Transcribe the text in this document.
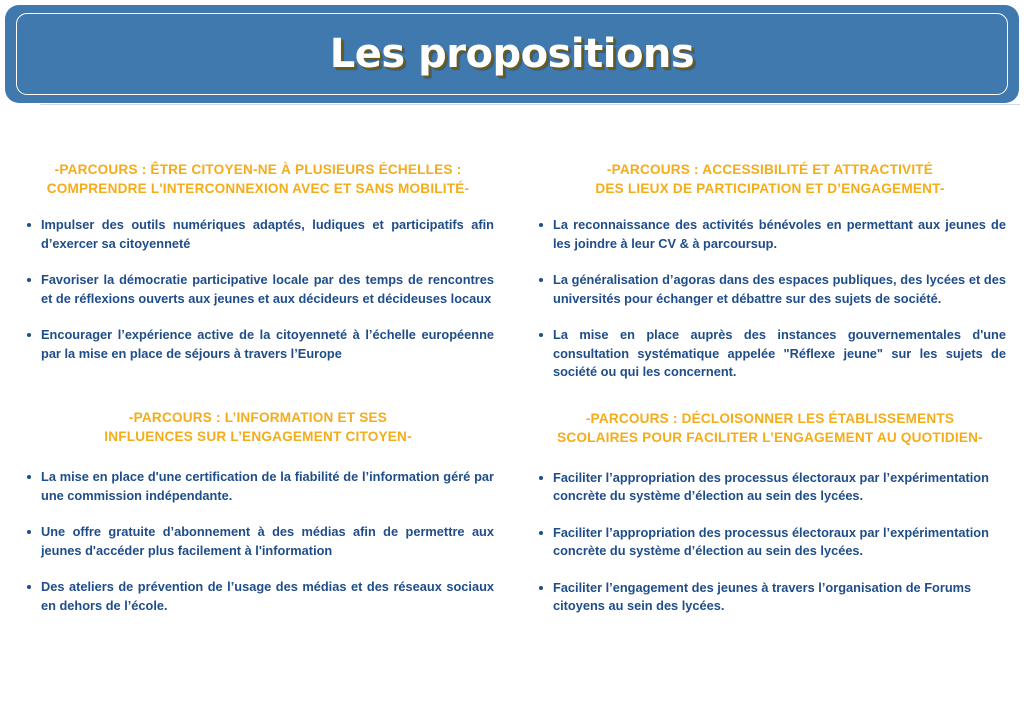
Les propositions
-PARCOURS : ÊTRE CITOYEN-NE À PLUSIEURS ÉCHELLES :
COMPRENDRE L'INTERCONNEXION AVEC ET SANS MOBILITÉ-
Impulser des outils numériques adaptés, ludiques et participatifs afin d’exercer sa citoyenneté
Favoriser la démocratie participative locale par des temps de rencontres et de réflexions ouverts aux jeunes et aux décideurs et décideuses locaux
Encourager l’expérience active de la citoyenneté à l’échelle européenne par la mise en place de séjours à travers l’Europe
-PARCOURS : L’INFORMATION ET SES
INFLUENCES SUR L’ENGAGEMENT CITOYEN-
La mise en place d'une certification de la fiabilité de l’information géré par une commission indépendante.
Une offre gratuite d’abonnement à des médias afin de permettre aux jeunes d'accéder plus facilement à l'information
Des ateliers de prévention de l’usage des médias et des réseaux sociaux en dehors de l’école.
-PARCOURS : ACCESSIBILITÉ ET ATTRACTIVITÉ
DES LIEUX DE PARTICIPATION ET D’ENGAGEMENT-
La reconnaissance des activités bénévoles en permettant aux jeunes de les joindre à leur CV & à parcoursup.
La généralisation d’agoras dans des espaces publiques, des lycées et des universités pour échanger et débattre sur des sujets de société.
La mise en place auprès des instances gouvernementales d'une consultation systématique appelée "Réflexe jeune" sur les sujets de société ou qui les concernent.
-PARCOURS : DÉCLOISONNER LES ÉTABLISSEMENTS
SCOLAIRES POUR FACILITER L’ENGAGEMENT AU QUOTIDIEN-
Faciliter l’appropriation des processus électoraux par l’expérimentation concrète du système d’élection au sein des lycées.
Faciliter l’appropriation des processus électoraux par l’expérimentation concrète du système d’élection au sein des lycées.
Faciliter l’engagement des jeunes à travers l’organisation de Forums citoyens au sein des lycées.
